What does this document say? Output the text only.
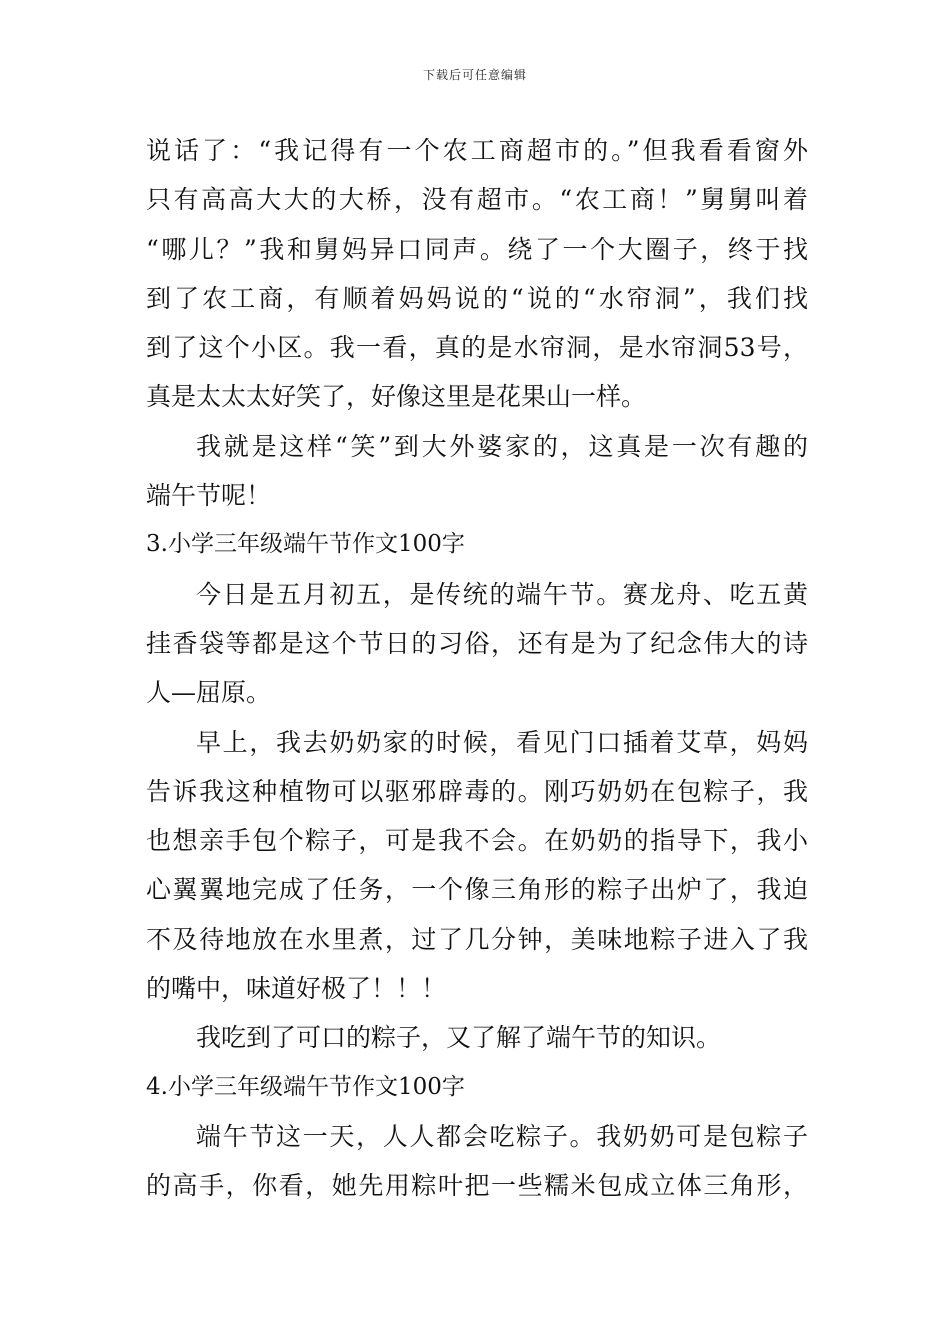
下载后可任意编辑
说话了：“我记得有一个农工商超市的。”但我看看窗外
只有高高大大的大桥，没有超市。“农工商！”舅舅叫着
“哪儿？”我和舅妈异口同声。绕了一个大圈子，终于找
到了农工商，有顺着妈妈说的“说的“水帘洞”，我们找
到了这个小区。我一看，真的是水帘洞，是水帘洞53号，
真是太太太好笑了，好像这里是花果山一样。
我就是这样“笑”到大外婆家的，这真是一次有趣的
端午节呢！
3.小学三年级端午节作文100字
今日是五月初五，是传统的端午节。赛龙舟、吃五黄
挂香袋等都是这个节日的习俗，还有是为了纪念伟大的诗
人—屈原。
早上，我去奶奶家的时候，看见门口插着艾草，妈妈
告诉我这种植物可以驱邪辟毒的。刚巧奶奶在包粽子，我
也想亲手包个粽子，可是我不会。在奶奶的指导下，我小
心翼翼地完成了任务，一个像三角形的粽子出炉了，我迫
不及待地放在水里煮，过了几分钟，美味地粽子进入了我
的嘴中，味道好极了！！！
我吃到了可口的粽子，又了解了端午节的知识。
4.小学三年级端午节作文100字
端午节这一天，人人都会吃粽子。我奶奶可是包粽子
的高手，你看，她先用粽叶把一些糯米包成立体三角形，
